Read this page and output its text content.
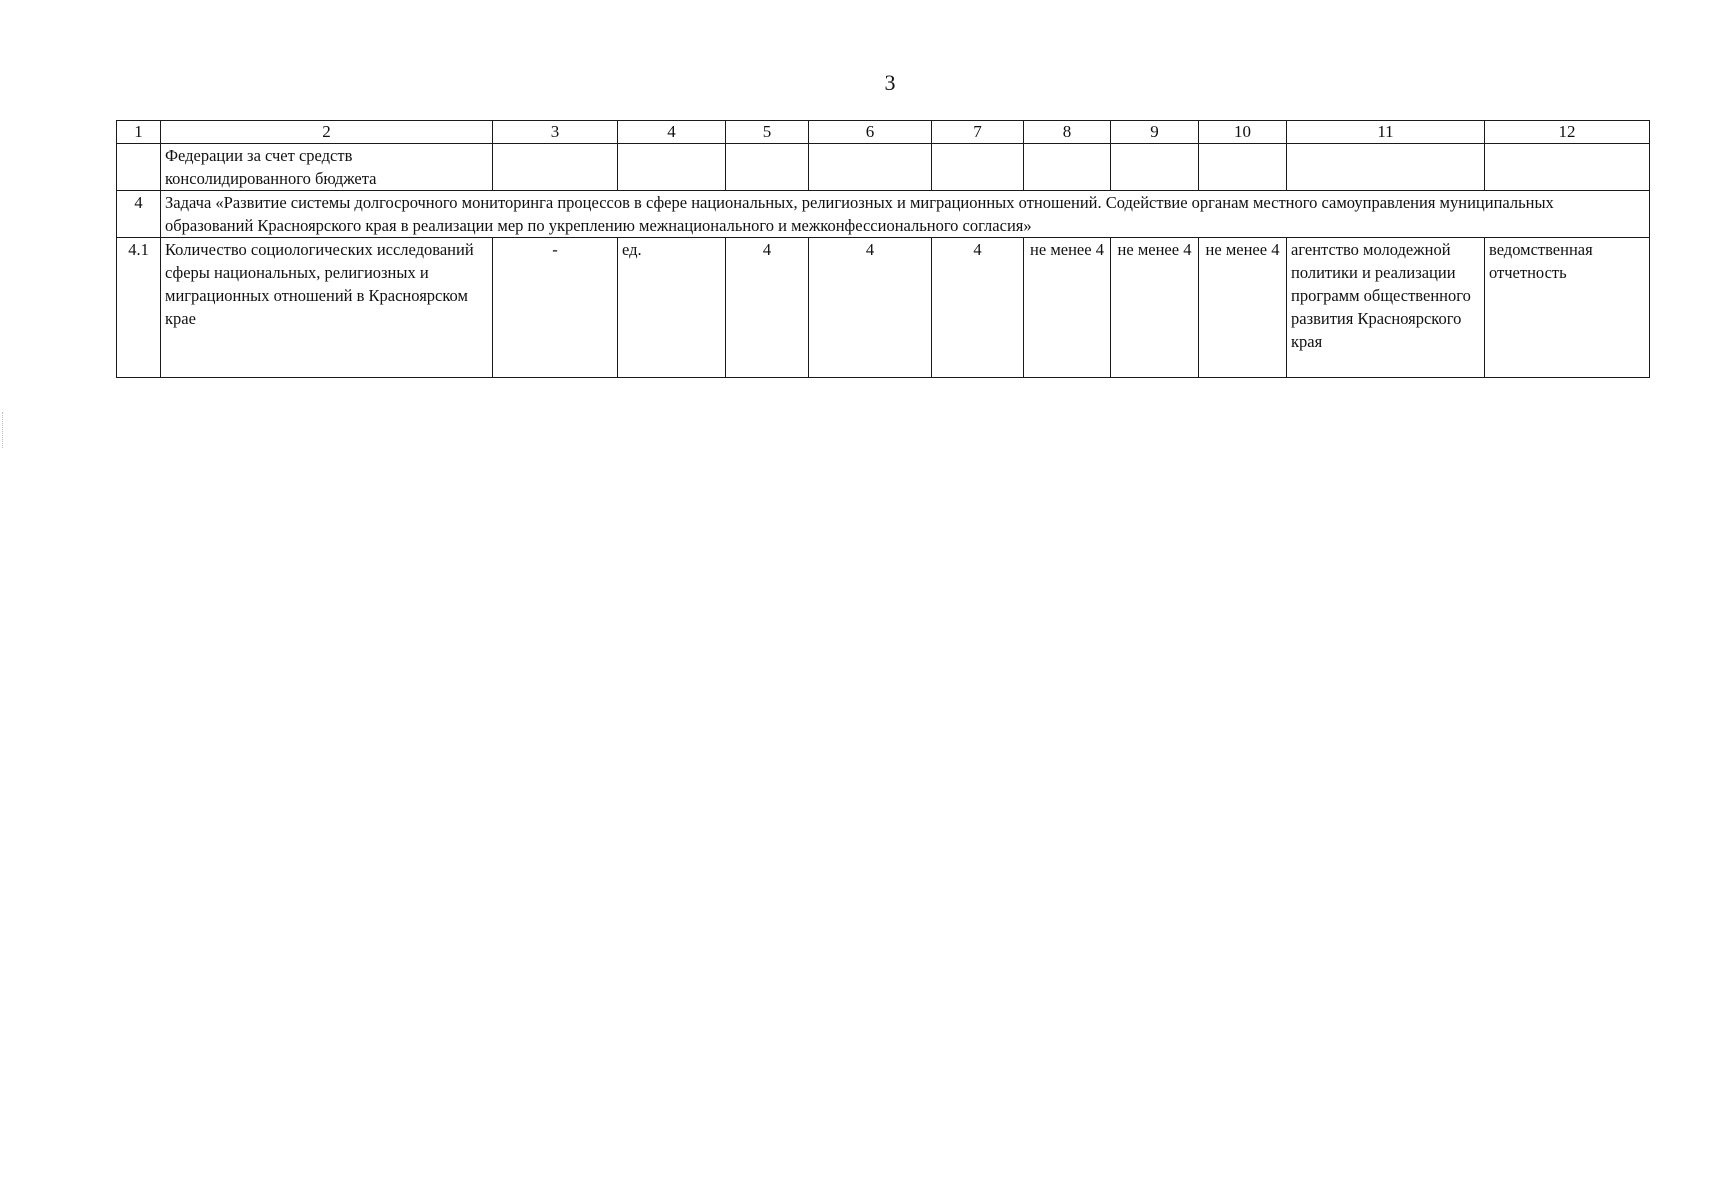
3
1	2	3	4	5	6	7	8	9	10	11	12
	Федерации за счет средств консолидированного бюджета										
4	Задача «Развитие системы долгосрочного мониторинга процессов в сфере национальных, религиозных и миграционных отношений. Содействие органам местного самоуправления муниципальных образований Красноярского края в реализации мер по укреплению межнационального и межконфессионального согласия»										
4.1	Количество социологических исследований сферы национальных, религиозных и миграционных отношений в Красноярском крае	-	ед.	4	4	4	не менее 4	не менее 4	не менее 4	агентство молодежной политики и реализации программ общественного развития Красноярского края	ведомственная отчетность
